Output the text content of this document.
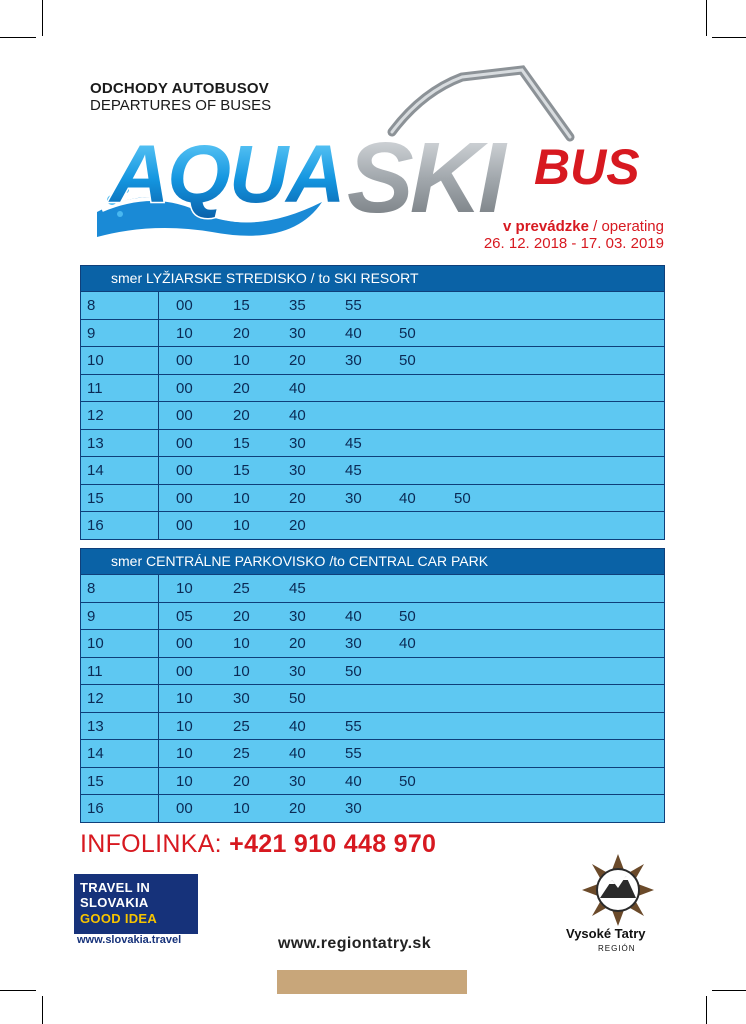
ODCHODY AUTOBUSOV
DEPARTURES OF BUSES
AQUA SKI BUS
v prevádzke / operating
26. 12. 2018 - 17. 03. 2019
smer LYŽIARSKE STREDISKO / to SKI RESORT
8	00	15	35	55
9	10	20	30	40 50
10	00	10	20	30 50
11	00	20	40
12	00	20	40
13	00	15	30	45
14	00	15	30	45
15	00	10	20	30 40	50
16	00	10	20
smer CENTRÁLNE PARKOVISKO /to CENTRAL CAR PARK
8	10	25	45
9	05	20	30	40 50
10	00	10	20	30 40
11	00	10	30	50
12	10	30	50
13	10	25	40	55
14	10	25	40	55
15	10	20	30	40 50
16	00	10	20	30
INFOLINKA: +421 910 448 970
TRAVEL IN
SLOVAKIA
GOOD IDEA
www.slovakia.travel	www.regiontatry.sk
Vysoké Tatry
REGIÓN
